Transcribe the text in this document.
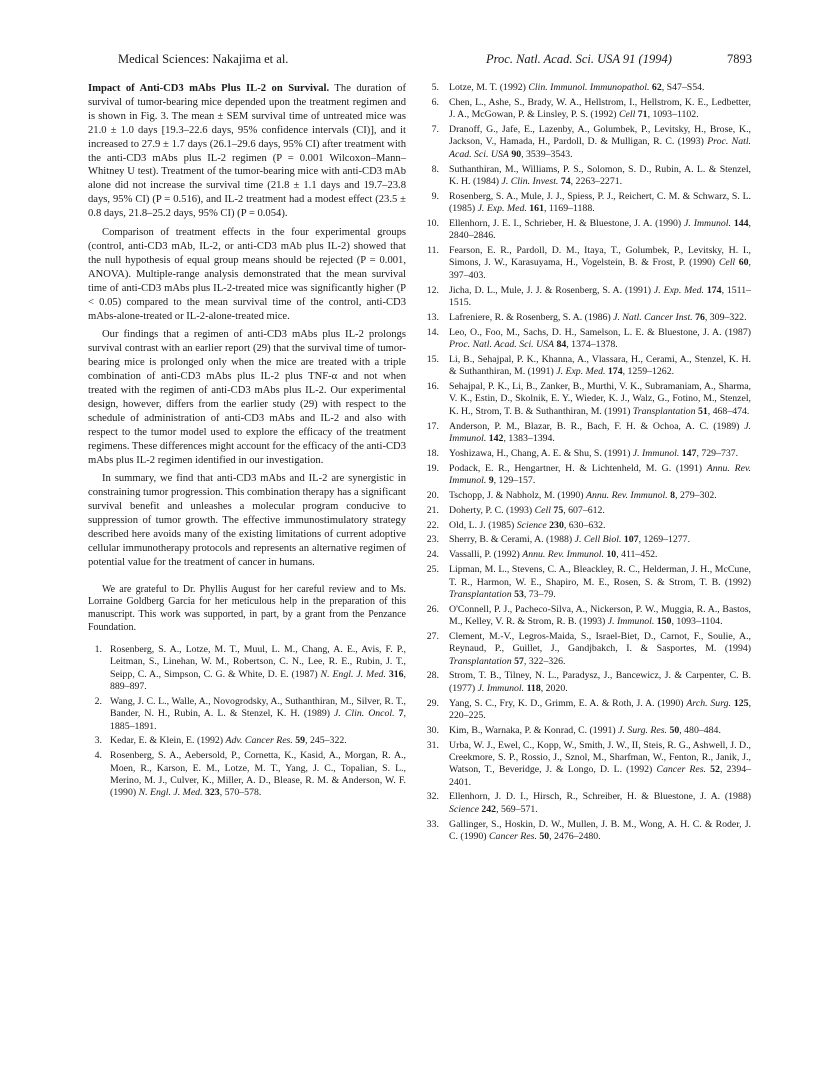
Medical Sciences: Nakajima et al.	Proc. Natl. Acad. Sci. USA 91 (1994)	7893

Impact of Anti-CD3 mAbs Plus IL-2 on Survival. The duration of survival of tumor-bearing mice depended upon the treatment regimen and is shown in Fig. 3. The mean ± SEM survival time of untreated mice was 21.0 ± 1.0 days [19.3–22.6 days, 95% confidence intervals (CI)], and it increased to 27.9 ± 1.7 days (26.1–29.6 days, 95% CI) after treatment with the anti-CD3 mAbs plus IL-2 regimen (P = 0.001 Wilcoxon–Mann–Whitney U test). Treatment of the tumor-bearing mice with anti-CD3 mAb alone did not increase the survival time (21.8 ± 1.1 days and 19.7–23.8 days, 95% CI) (P = 0.516), and IL-2 treatment had a modest effect (23.5 ± 0.8 days, 21.8–25.2 days, 95% CI) (P = 0.054).

Comparison of treatment effects in the four experimental groups (control, anti-CD3 mAb, IL-2, or anti-CD3 mAb plus IL-2) showed that the null hypothesis of equal group means should be rejected (P = 0.001, ANOVA). Multiple-range analysis demonstrated that the mean survival time of anti-CD3 mAbs plus IL-2-treated mice was significantly higher (P < 0.05) compared to the mean survival time of the control, anti-CD3 mAbs-alone-treated or IL-2-alone-treated mice.

Our findings that a regimen of anti-CD3 mAbs plus IL-2 prolongs survival contrast with an earlier report (29) that the survival time of tumor-bearing mice is prolonged only when the mice are treated with a triple combination of anti-CD3 mAbs plus IL-2 plus TNF-α and not when treated with the regimen of anti-CD3 mAbs plus IL-2. Our experimental design, however, differs from the earlier study (29) with respect to the schedule of administration of anti-CD3 mAbs and IL-2 and also with respect to the tumor model used to explore the efficacy of the treatment regimens. These differences might account for the efficacy of the anti-CD3 mAbs plus IL-2 regimen identified in our investigation.

In summary, we find that anti-CD3 mAbs and IL-2 are synergistic in constraining tumor progression. This combination therapy has a significant survival benefit and unleashes a molecular program conducive to suppression of tumor growth. The effective immunostimulatory strategy described here avoids many of the existing limitations of current adoptive cellular immunotherapy protocols and represents an alternative regimen of potential value for the treatment of cancer in humans.

We are grateful to Dr. Phyllis August for her careful review and to Ms. Lorraine Goldberg Garcia for her meticulous help in the preparation of this manuscript. This work was supported, in part, by a grant from the Penzance Foundation.

1. Rosenberg, S. A., Lotze, M. T., Muul, L. M., Chang, A. E., Avis, F. P., Leitman, S., Linehan, W. M., Robertson, C. N., Lee, R. E., Rubin, J. T., Seipp, C. A., Simpson, C. G. & White, D. E. (1987) N. Engl. J. Med. 316, 889–897.
2. Wang, J. C. L., Walle, A., Novogrodsky, A., Suthanthiran, M., Silver, R. T., Bander, N. H., Rubin, A. L. & Stenzel, K. H. (1989) J. Clin. Oncol. 7, 1885–1891.
3. Kedar, E. & Klein, E. (1992) Adv. Cancer Res. 59, 245–322.
4. Rosenberg, S. A., Aebersold, P., Cornetta, K., Kasid, A., Morgan, R. A., Moen, R., Karson, E. M., Lotze, M. T., Yang, J. C., Topalian, S. L., Merino, M. J., Culver, K., Miller, A. D., Blease, R. M. & Anderson, W. F. (1990) N. Engl. J. Med. 323, 570–578.
5. Lotze, M. T. (1992) Clin. Immunol. Immunopathol. 62, S47–S54.
6. Chen, L., Ashe, S., Brady, W. A., Hellstrom, I., Hellstrom, K. E., Ledbetter, J. A., McGowan, P. & Linsley, P. S. (1992) Cell 71, 1093–1102.
7. Dranoff, G., Jafe, E., Lazenby, A., Golumbek, P., Levitsky, H., Brose, K., Jackson, V., Hamada, H., Pardoll, D. & Mulligan, R. C. (1993) Proc. Natl. Acad. Sci. USA 90, 3539–3543.
8. Suthanthiran, M., Williams, P. S., Solomon, S. D., Rubin, A. L. & Stenzel, K. H. (1984) J. Clin. Invest. 74, 2263–2271.
9. Rosenberg, S. A., Mule, J. J., Spiess, P. J., Reichert, C. M. & Schwarz, S. L. (1985) J. Exp. Med. 161, 1169–1188.
10. Ellenhorn, J. E. I., Schrieber, H. & Bluestone, J. A. (1990) J. Immunol. 144, 2840–2846.
11. Fearson, E. R., Pardoll, D. M., Itaya, T., Golumbek, P., Levitsky, H. I., Simons, J. W., Karasuyama, H., Vogelstein, B. & Frost, P. (1990) Cell 60, 397–403.
12. Jicha, D. L., Mule, J. J. & Rosenberg, S. A. (1991) J. Exp. Med. 174, 1511–1515.
13. Lafreniere, R. & Rosenberg, S. A. (1986) J. Natl. Cancer Inst. 76, 309–322.
14. Leo, O., Foo, M., Sachs, D. H., Samelson, L. E. & Bluestone, J. A. (1987) Proc. Natl. Acad. Sci. USA 84, 1374–1378.
15. Li, B., Sehajpal, P. K., Khanna, A., Vlassara, H., Cerami, A., Stenzel, K. H. & Suthanthiran, M. (1991) J. Exp. Med. 174, 1259–1262.
16. Sehajpal, P. K., Li, B., Zanker, B., Murthi, V. K., Subramaniam, A., Sharma, V. K., Estin, D., Skolnik, E. Y., Wieder, K. J., Walz, G., Fotino, M., Stenzel, K. H., Strom, T. B. & Suthanthiran, M. (1991) Transplantation 51, 468–474.
17. Anderson, P. M., Blazar, B. R., Bach, F. H. & Ochoa, A. C. (1989) J. Immunol. 142, 1383–1394.
18. Yoshizawa, H., Chang, A. E. & Shu, S. (1991) J. Immunol. 147, 729–737.
19. Podack, E. R., Hengartner, H. & Lichtenheld, M. G. (1991) Annu. Rev. Immunol. 9, 129–157.
20. Tschopp, J. & Nabholz, M. (1990) Annu. Rev. Immunol. 8, 279–302.
21. Doherty, P. C. (1993) Cell 75, 607–612.
22. Old, L. J. (1985) Science 230, 630–632.
23. Sherry, B. & Cerami, A. (1988) J. Cell Biol. 107, 1269–1277.
24. Vassalli, P. (1992) Annu. Rev. Immunol. 10, 411–452.
25. Lipman, M. L., Stevens, C. A., Bleackley, R. C., Helderman, J. H., McCune, T. R., Harmon, W. E., Shapiro, M. E., Rosen, S. & Strom, T. B. (1992) Transplantation 53, 73–79.
26. O'Connell, P. J., Pacheco-Silva, A., Nickerson, P. W., Muggia, R. A., Bastos, M., Kelley, V. R. & Strom, R. B. (1993) J. Immunol. 150, 1093–1104.
27. Clement, M.-V., Legros-Maida, S., Israel-Biet, D., Carnot, F., Soulie, A., Reynaud, P., Guillet, J., Gandjbakch, I. & Sasportes, M. (1994) Transplantation 57, 322–326.
28. Strom, T. B., Tilney, N. L., Paradysz, J., Bancewicz, J. & Carpenter, C. B. (1977) J. Immunol. 118, 2020.
29. Yang, S. C., Fry, K. D., Grimm, E. A. & Roth, J. A. (1990) Arch. Surg. 125, 220–225.
30. Kim, B., Warnaka, P. & Konrad, C. (1991) J. Surg. Res. 50, 480–484.
31. Urba, W. J., Ewel, C., Kopp, W., Smith, J. W., II, Steis, R. G., Ashwell, J. D., Creekmore, S. P., Rossio, J., Sznol, M., Sharfman, W., Fenton, R., Janik, J., Watson, T., Beveridge, J. & Longo, D. L. (1992) Cancer Res. 52, 2394–2401.
32. Ellenhorn, J. D. I., Hirsch, R., Schreiber, H. & Bluestone, J. A. (1988) Science 242, 569–571.
33. Gallinger, S., Hoskin, D. W., Mullen, J. B. M., Wong, A. H. C. & Roder, J. C. (1990) Cancer Res. 50, 2476–2480.
